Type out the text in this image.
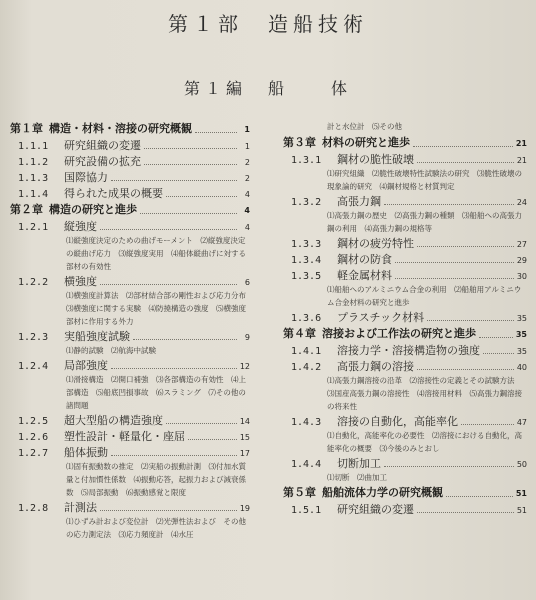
第１部　造船技術
第１編　船　　体
第１章 構造・材料・溶接の研究概観	1
1.1.1	研究組織の変遷	1
1.1.2	研究設備の拡充	2
1.1.3	国際協力	2
1.1.4	得られた成果の概要	4
第２章 構造の研究と進歩	4
1.2.1	縦強度	4
⑴縦強度決定のための曲げモーメント　⑵縦強度決定の縦曲げ応力　⑶縦強度実用　⑷船体縦曲げに対する部材の有効性
1.2.2	横強度	6
⑴横強度計算法　⑵部材結合部の剛性および応力分布　⑶横強度に関する実験　⑷防撓構造の強度　⑸横強度部材に作用する外力
1.2.3	実船強度試験	9
⑴静的試験　⑵航海中試験
1.2.4	局部強度	12
⑴滑接構造　⑵開口補強　⑶各部構造の有効性　⑷上部構造　⑸船底凹損事故　⑹スラミング　⑺その他の諸問題
1.2.5	超大型船の構造強度	14
1.2.6	塑性設計・軽量化・座屈	15
1.2.7	船体振動	17
⑴固有振動数の推定　⑵実船の振動計測　⑶付加水質量と付加慣性係数　⑷振動応答，起振力および減衰係数　⑸局部振動　⑹振動感覚と限度
1.2.8	計測法	19
⑴ひずみ計および変位計　⑵光弾性法および　その他の応力測定法　⑶応力頻度計　⑷水圧
計と水位計　⑸その他
第３章 材料の研究と進歩	21
1.3.1	鋼材の脆性破壊	21
⑴研究組織　⑵脆性破壊特性試験法の研究　⑶脆性破壊の現象論的研究　⑷鋼材規格と材質判定
1.3.2	高張力鋼	24
⑴高張力鋼の歴史　⑵高張力鋼の種類　⑶船舶への高張力鋼の利用　⑷高張力鋼の規格等
1.3.3	鋼材の疲労特性	27
1.3.4	鋼材の防食	29
1.3.5	軽金属材料	30
⑴船舶へのアルミニウム合金の利用　⑵船舶用アルミニウム合金材料の研究と進歩
1.3.6	プラスチック材料	35
第４章 溶接および工作法の研究と進歩	35
1.4.1	溶接力学・溶接構造物の強度	35
1.4.2	高張力鋼の溶接	40
⑴高張力鋼溶接の沿革　⑵溶接性の定義とその試験方法　⑶国産高張力鋼の溶接性　⑷溶接用材料　⑸高張力鋼溶接の将来性
1.4.3	溶接の自動化，高能率化	47
⑴自動化，高能率化の必要性　⑵溶接における自動化，高能率化の概要　⑶今後のみとおし
1.4.4	切断加工	50
⑴切断　⑵曲加工
第５章 船舶流体力学の研究概観	51
1.5.1	研究組織の変遷	51
